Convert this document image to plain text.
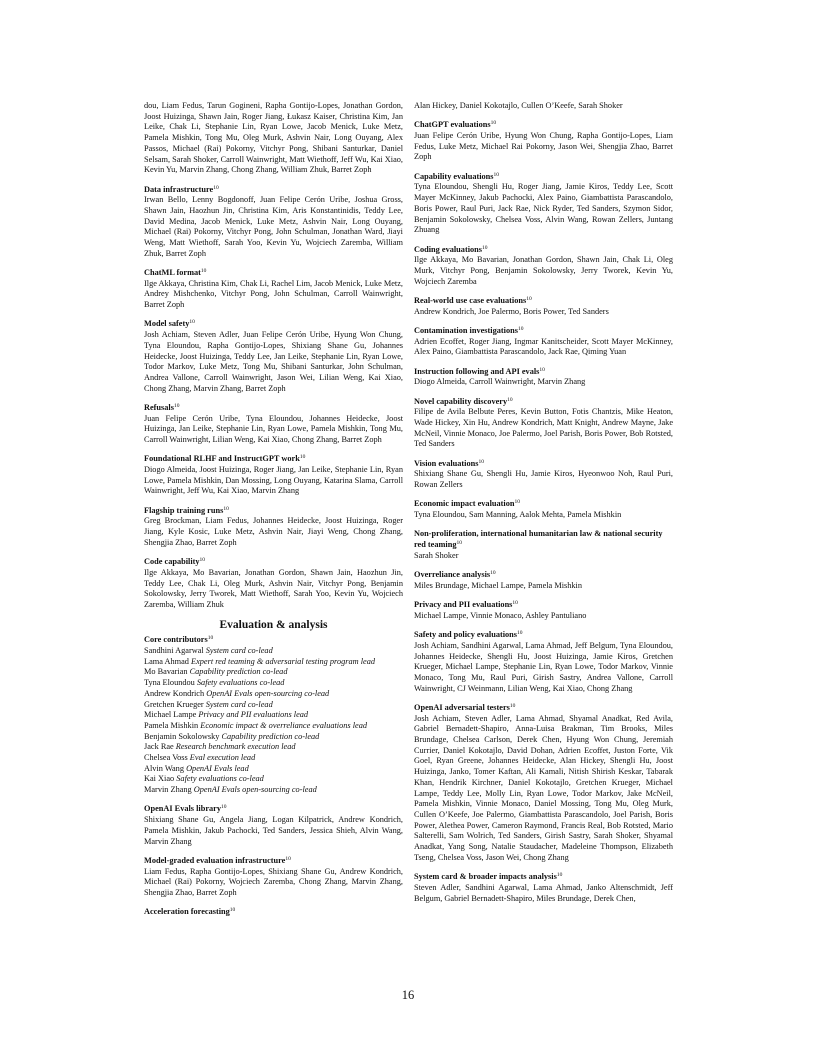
dou, Liam Fedus, Tarun Gogineni, Rapha Gontijo-Lopes, Jonathan Gordon, Joost Huizinga, Shawn Jain, Roger Jiang, Łukasz Kaiser, Christina Kim, Jan Leike, Chak Li, Stephanie Lin, Ryan Lowe, Jacob Menick, Luke Metz, Pamela Mishkin, Tong Mu, Oleg Murk, Ashvin Nair, Long Ouyang, Alex Passos, Michael (Rai) Pokorny, Vitchyr Pong, Shibani Santurkar, Daniel Selsam, Sarah Shoker, Carroll Wainwright, Matt Wiethoff, Jeff Wu, Kai Xiao, Kevin Yu, Marvin Zhang, Chong Zhang, William Zhuk, Barret Zoph
Data infrastructure$^{10}$
Irwan Bello, Lenny Bogdonoff, Juan Felipe Cerón Uribe, Joshua Gross, Shawn Jain, Haozhun Jin, Christina Kim, Aris Konstantinidis, Teddy Lee, David Medina, Jacob Menick, Luke Metz, Ashvin Nair, Long Ouyang, Michael (Rai) Pokorny, Vitchyr Pong, John Schulman, Jonathan Ward, Jiayi Weng, Matt Wiethoff, Sarah Yoo, Kevin Yu, Wojciech Zaremba, William Zhuk, Barret Zoph
ChatML format$^{10}$
Ilge Akkaya, Christina Kim, Chak Li, Rachel Lim, Jacob Menick, Luke Metz, Andrey Mishchenko, Vitchyr Pong, John Schulman, Carroll Wainwright, Barret Zoph
Model safety$^{10}$
Josh Achiam, Steven Adler, Juan Felipe Cerón Uribe, Hyung Won Chung, Tyna Eloundou, Rapha Gontijo-Lopes, Shixiang Shane Gu, Johannes Heidecke, Joost Huizinga, Teddy Lee, Jan Leike, Stephanie Lin, Ryan Lowe, Todor Markov, Luke Metz, Tong Mu, Shibani Santurkar, John Schulman, Andrea Vallone, Carroll Wainwright, Jason Wei, Lilian Weng, Kai Xiao, Chong Zhang, Marvin Zhang, Barret Zoph
Refusals$^{10}$
Juan Felipe Cerón Uribe, Tyna Eloundou, Johannes Heidecke, Joost Huizinga, Jan Leike, Stephanie Lin, Ryan Lowe, Pamela Mishkin, Tong Mu, Carroll Wainwright, Lilian Weng, Kai Xiao, Chong Zhang, Barret Zoph
Foundational RLHF and InstructGPT work$^{10}$
Diogo Almeida, Joost Huizinga, Roger Jiang, Jan Leike, Stephanie Lin, Ryan Lowe, Pamela Mishkin, Dan Mossing, Long Ouyang, Katarina Slama, Carroll Wainwright, Jeff Wu, Kai Xiao, Marvin Zhang
Flagship training runs$^{10}$
Greg Brockman, Liam Fedus, Johannes Heidecke, Joost Huizinga, Roger Jiang, Kyle Kosic, Luke Metz, Ashvin Nair, Jiayi Weng, Chong Zhang, Shengjia Zhao, Barret Zoph
Code capability$^{10}$
Ilge Akkaya, Mo Bavarian, Jonathan Gordon, Shawn Jain, Haozhun Jin, Teddy Lee, Chak Li, Oleg Murk, Ashvin Nair, Vitchyr Pong, Benjamin Sokolowsky, Jerry Tworek, Matt Wiethoff, Sarah Yoo, Kevin Yu, Wojciech Zaremba, William Zhuk
Evaluation & analysis
Core contributors$^{10}$
Sandhini Agarwal System card co-lead
Lama Ahmad Expert red teaming & adversarial testing program lead
Mo Bavarian Capability prediction co-lead
Tyna Eloundou Safety evaluations co-lead
Andrew Kondrich OpenAI Evals open-sourcing co-lead
Gretchen Krueger System card co-lead
Michael Lampe Privacy and PII evaluations lead
Pamela Mishkin Economic impact & overreliance evaluations lead
Benjamin Sokolowsky Capability prediction co-lead
Jack Rae Research benchmark execution lead
Chelsea Voss Eval execution lead
Alvin Wang OpenAI Evals lead
Kai Xiao Safety evaluations co-lead
Marvin Zhang OpenAI Evals open-sourcing co-lead
OpenAI Evals library$^{10}$
Shixiang Shane Gu, Angela Jiang, Logan Kilpatrick, Andrew Kondrich, Pamela Mishkin, Jakub Pachocki, Ted Sanders, Jessica Shieh, Alvin Wang, Marvin Zhang
Model-graded evaluation infrastructure$^{10}$
Liam Fedus, Rapha Gontijo-Lopes, Shixiang Shane Gu, Andrew Kondrich, Michael (Rai) Pokorny, Wojciech Zaremba, Chong Zhang, Marvin Zhang, Shengjia Zhao, Barret Zoph
Acceleration forecasting$^{10}$
Alan Hickey, Daniel Kokotajlo, Cullen O’Keefe, Sarah Shoker
ChatGPT evaluations$^{10}$
Juan Felipe Cerón Uribe, Hyung Won Chung, Rapha Gontijo-Lopes, Liam Fedus, Luke Metz, Michael Rai Pokorny, Jason Wei, Shengjia Zhao, Barret Zoph
Capability evaluations$^{10}$
Tyna Eloundou, Shengli Hu, Roger Jiang, Jamie Kiros, Teddy Lee, Scott Mayer McKinney, Jakub Pachocki, Alex Paino, Giambattista Parascandolo, Boris Power, Raul Puri, Jack Rae, Nick Ryder, Ted Sanders, Szymon Sidor, Benjamin Sokolowsky, Chelsea Voss, Alvin Wang, Rowan Zellers, Juntang Zhuang
Coding evaluations$^{10}$
Ilge Akkaya, Mo Bavarian, Jonathan Gordon, Shawn Jain, Chak Li, Oleg Murk, Vitchyr Pong, Benjamin Sokolowsky, Jerry Tworek, Kevin Yu, Wojciech Zaremba
Real-world use case evaluations$^{10}$
Andrew Kondrich, Joe Palermo, Boris Power, Ted Sanders
Contamination investigations$^{10}$
Adrien Ecoffet, Roger Jiang, Ingmar Kanitscheider, Scott Mayer McKinney, Alex Paino, Giambattista Parascandolo, Jack Rae, Qiming Yuan
Instruction following and API evals$^{10}$
Diogo Almeida, Carroll Wainwright, Marvin Zhang
Novel capability discovery$^{10}$
Filipe de Avila Belbute Peres, Kevin Button, Fotis Chantzis, Mike Heaton, Wade Hickey, Xin Hu, Andrew Kondrich, Matt Knight, Andrew Mayne, Jake McNeil, Vinnie Monaco, Joe Palermo, Joel Parish, Boris Power, Bob Rotsted, Ted Sanders
Vision evaluations$^{10}$
Shixiang Shane Gu, Shengli Hu, Jamie Kiros, Hyeonwoo Noh, Raul Puri, Rowan Zellers
Economic impact evaluation$^{10}$
Tyna Eloundou, Sam Manning, Aalok Mehta, Pamela Mishkin
Non-proliferation, international humanitarian law & national security red teaming$^{10}$
Sarah Shoker
Overreliance analysis$^{10}$
Miles Brundage, Michael Lampe, Pamela Mishkin
Privacy and PII evaluations$^{10}$
Michael Lampe, Vinnie Monaco, Ashley Pantuliano
Safety and policy evaluations$^{10}$
Josh Achiam, Sandhini Agarwal, Lama Ahmad, Jeff Belgum, Tyna Eloundou, Johannes Heidecke, Shengli Hu, Joost Huizinga, Jamie Kiros, Gretchen Krueger, Michael Lampe, Stephanie Lin, Ryan Lowe, Todor Markov, Vinnie Monaco, Tong Mu, Raul Puri, Girish Sastry, Andrea Vallone, Carroll Wainwright, CJ Weinmann, Lilian Weng, Kai Xiao, Chong Zhang
OpenAI adversarial testers$^{10}$
Josh Achiam, Steven Adler, Lama Ahmad, Shyamal Anadkat, Red Avila, Gabriel Bernadett-Shapiro, Anna-Luisa Brakman, Tim Brooks, Miles Brundage, Chelsea Carlson, Derek Chen, Hyung Won Chung, Jeremiah Currier, Daniel Kokotajlo, David Dohan, Adrien Ecoffet, Juston Forte, Vik Goel, Ryan Greene, Johannes Heidecke, Alan Hickey, Shengli Hu, Joost Huizinga, Janko, Tomer Kaftan, Ali Kamali, Nitish Shirish Keskar, Tabarak Khan, Hendrik Kirchner, Daniel Kokotajlo, Gretchen Krueger, Michael Lampe, Teddy Lee, Molly Lin, Ryan Lowe, Todor Markov, Jake McNeil, Pamela Mishkin, Vinnie Monaco, Daniel Mossing, Tong Mu, Oleg Murk, Cullen O’Keefe, Joe Palermo, Giambattista Parascandolo, Joel Parish, Boris Power, Alethea Power, Cameron Raymond, Francis Real, Bob Rotsted, Mario Salterelli, Sam Wolrich, Ted Sanders, Girish Sastry, Sarah Shoker, Shyamal Anadkat, Yang Song, Natalie Staudacher, Madeleine Thompson, Elizabeth Tseng, Chelsea Voss, Jason Wei, Chong Zhang
System card & broader impacts analysis$^{10}$
Steven Adler, Sandhini Agarwal, Lama Ahmad, Janko Altenschmidt, Jeff Belgum, Gabriel Bernadett-Shapiro, Miles Brundage, Derek Chen,
16
